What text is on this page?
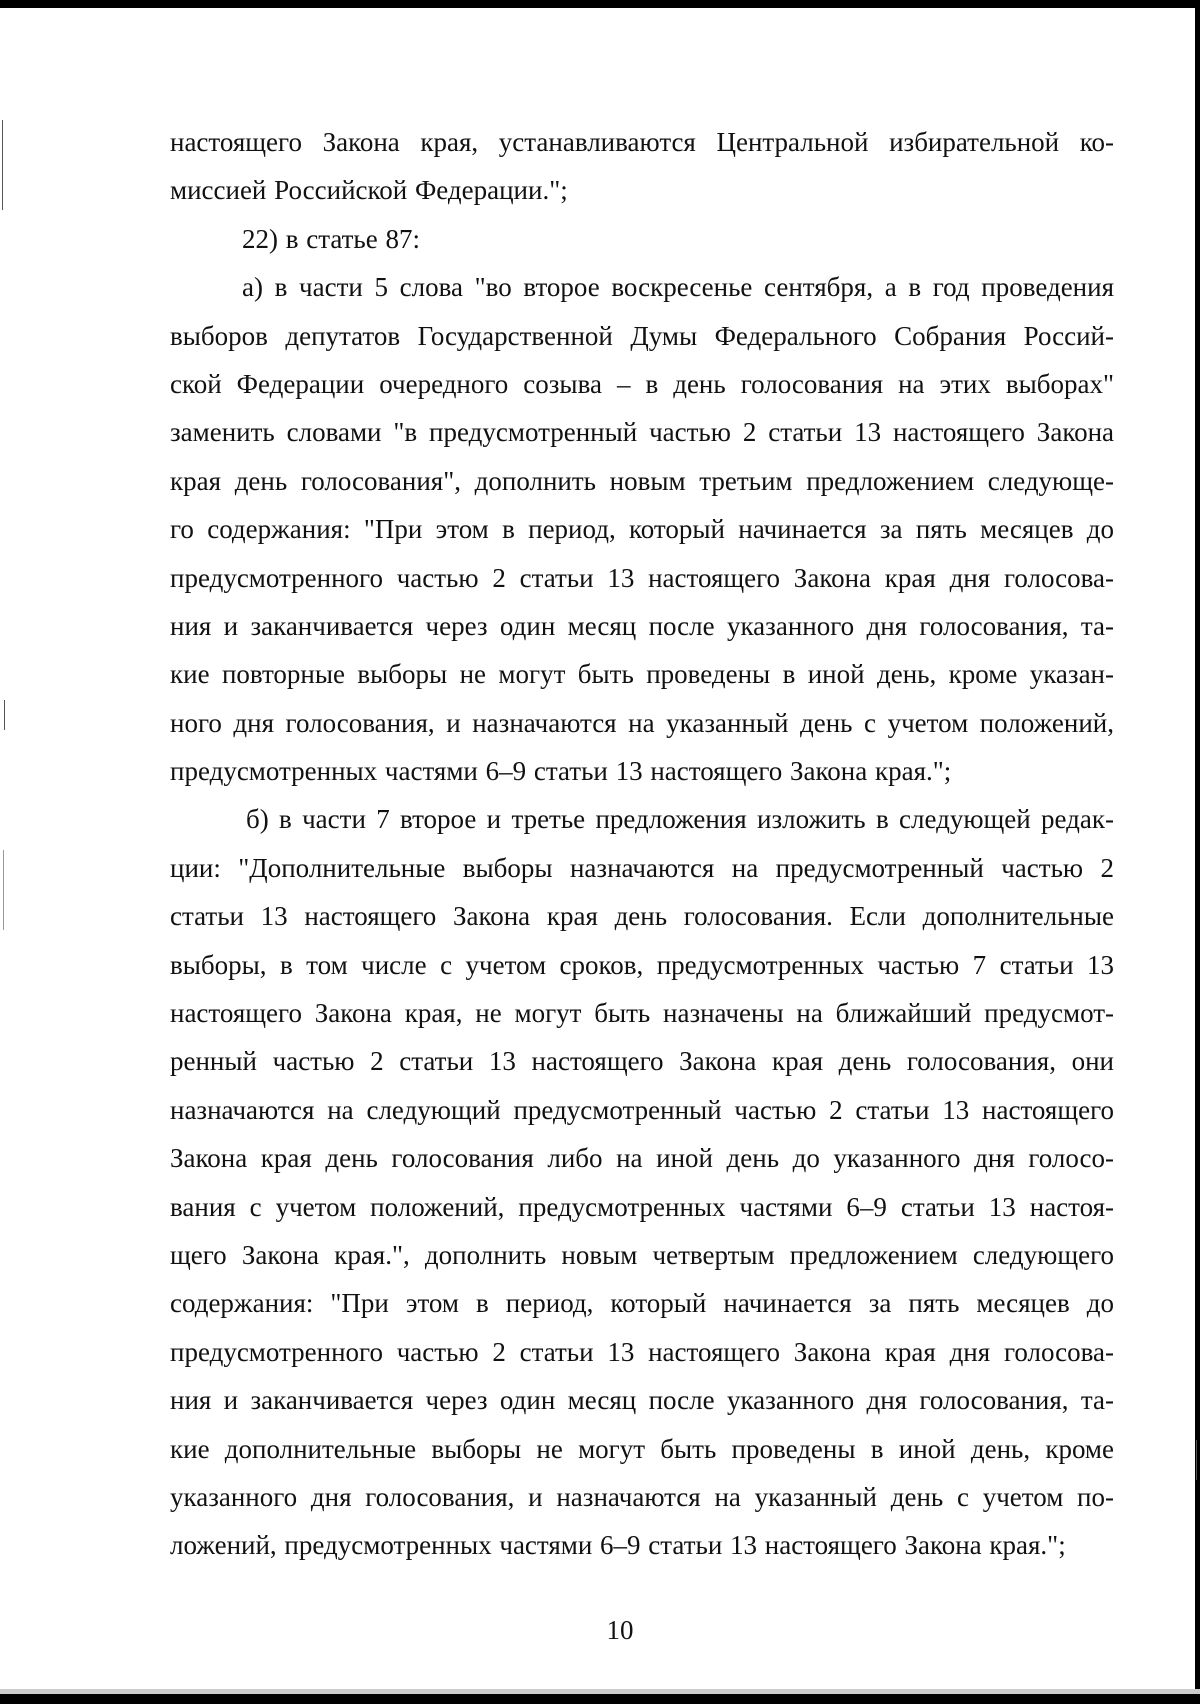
настоящего Закона края, устанавливаются Центральной избирательной ко-
миссией Российской Федерации.";
22) в статье 87:
а) в части 5 слова "во второе воскресенье сентября, а в год проведения
выборов депутатов Государственной Думы Федерального Собрания Россий-
ской Федерации очередного созыва – в день голосования на этих выборах"
заменить словами "в предусмотренный частью 2 статьи 13 настоящего Закона
края день голосования", дополнить новым третьим предложением следующе-
го содержания: "При этом в период, который начинается за пять месяцев до
предусмотренного частью 2 статьи 13 настоящего Закона края дня голосова-
ния и заканчивается через один месяц после указанного дня голосования, та-
кие повторные выборы не могут быть проведены в иной день, кроме указан-
ного дня голосования, и назначаются на указанный день с учетом положений,
предусмотренных частями 6–9 статьи 13 настоящего Закона края.";
б) в части 7 второе и третье предложения изложить в следующей редак-
ции: "Дополнительные выборы назначаются на предусмотренный частью 2
статьи 13 настоящего Закона края день голосования. Если дополнительные
выборы, в том числе с учетом сроков, предусмотренных частью 7 статьи 13
настоящего Закона края, не могут быть назначены на ближайший предусмот-
ренный частью 2 статьи 13 настоящего Закона края день голосования, они
назначаются на следующий предусмотренный частью 2 статьи 13 настоящего
Закона края день голосования либо на иной день до указанного дня голосо-
вания с учетом положений, предусмотренных частями 6–9 статьи 13 настоя-
щего Закона края.", дополнить новым четвертым предложением следующего
содержания: "При этом в период, который начинается за пять месяцев до
предусмотренного частью 2 статьи 13 настоящего Закона края дня голосова-
ния и заканчивается через один месяц после указанного дня голосования, та-
кие дополнительные выборы не могут быть проведены в иной день, кроме
указанного дня голосования, и назначаются на указанный день с учетом по-
ложений, предусмотренных частями 6–9 статьи 13 настоящего Закона края.";
10
